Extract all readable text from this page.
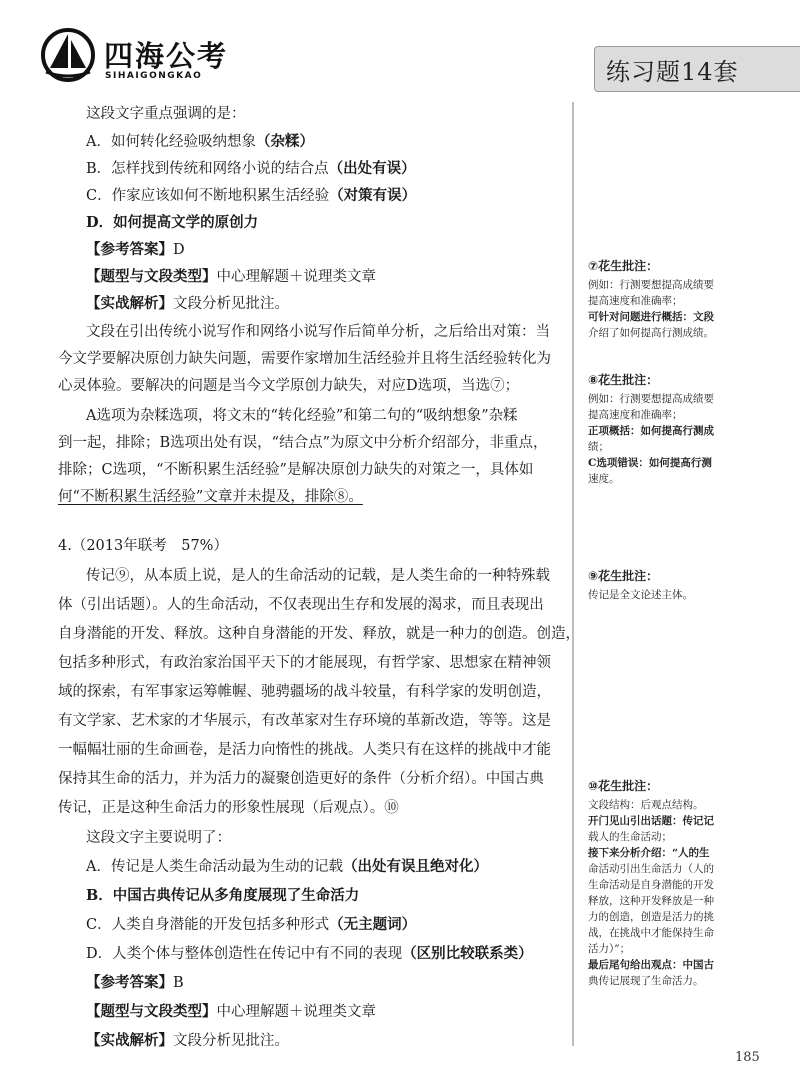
四海公考
SIHAIGONGKAO	练习题14套
这段文字重点强调的是：
A．如何转化经验吸纳想象（杂糅）
B．怎样找到传统和网络小说的结合点（出处有误）
C．作家应该如何不断地积累生活经验（对策有误）
D．如何提高文学的原创力
【参考答案】D
【题型与文段类型】中心理解题＋说理类文章
【实战解析】文段分析见批注。
文段在引出传统小说写作和网络小说写作后简单分析，之后给出对策：当
今文学要解决原创力缺失问题，需要作家增加生活经验并且将生活经验转化为
心灵体验。要解决的问题是当今文学原创力缺失，对应D选项，当选⑦；
A选项为杂糅选项，将文末的“转化经验”和第二句的“吸纳想象”杂糅
到一起，排除；B选项出处有误，“结合点”为原文中分析介绍部分，非重点，
排除；C选项，“不断积累生活经验”是解决原创力缺失的对策之一，具体如
何“不断积累生活经验”文章并未提及，排除⑧。
4.（2013年联考　57%）
传记⑨，从本质上说，是人的生命活动的记载，是人类生命的一种特殊载
体（引出话题）。人的生命活动，不仅表现出生存和发展的渴求，而且表现出
自身潜能的开发、释放。这种自身潜能的开发、释放，就是一种力的创造。创造，
包括多种形式，有政治家治国平天下的才能展现，有哲学家、思想家在精神领
域的探索，有军事家运筹帷幄、驰骋疆场的战斗较量，有科学家的发明创造，
有文学家、艺术家的才华展示，有改革家对生存环境的革新改造，等等。这是
一幅幅壮丽的生命画卷，是活力向惰性的挑战。人类只有在这样的挑战中才能
保持其生命的活力，并为活力的凝聚创造更好的条件（分析介绍）。中国古典
传记，正是这种生命活力的形象性展现（后观点）。⑩
这段文字主要说明了：
A．传记是人类生命活动最为生动的记载（出处有误且绝对化）
B．中国古典传记从多角度展现了生命活力
C．人类自身潜能的开发包括多种形式（无主题词）
D．人类个体与整体创造性在传记中有不同的表现（区别比较联系类）
【参考答案】B
【题型与文段类型】中心理解题＋说理类文章
【实战解析】文段分析见批注。
⑦花生批注：
例如：行测要想提高成绩要
提高速度和准确率；
可针对问题进行概括：文段
介绍了如何提高行测成绩。
⑧花生批注：
例如：行测要想提高成绩要
提高速度和准确率；
正项概括：如何提高行测成
绩；
C选项错误：如何提高行测
速度。
⑨花生批注：
传记是全文论述主体。
⑩花生批注：
文段结构：后观点结构。
开门见山引出话题：传记记
载人的生命活动；
接下来分析介绍：“人的生
命活动引出生命活力（人的
生命活动是自身潜能的开发
释放，这种开发释放是一种
力的创造，创造是活力的挑
战，在挑战中才能保持生命
活力）”；
最后尾句给出观点：中国古
典传记展现了生命活力。
185
